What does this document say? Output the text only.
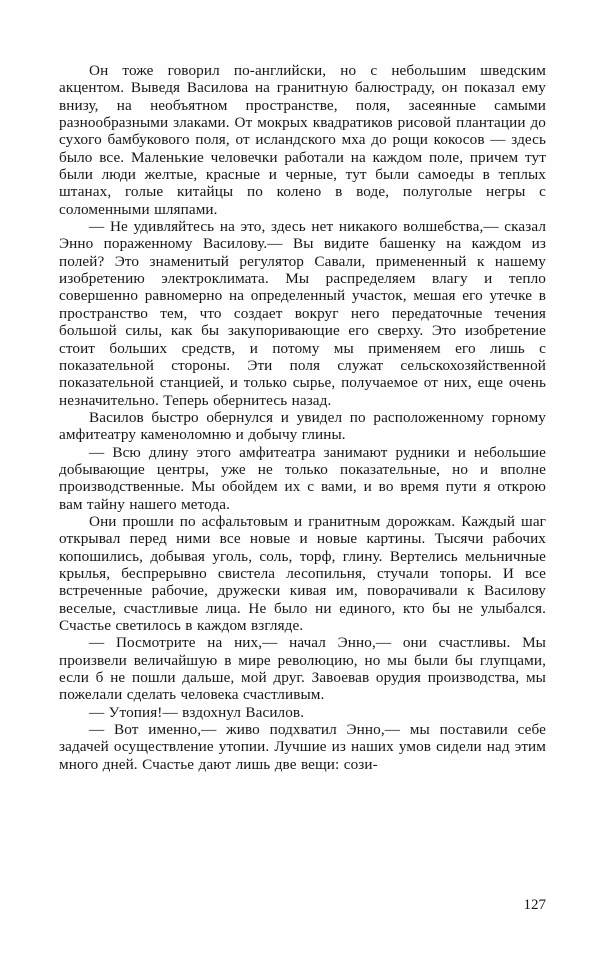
Он тоже говорил по-английски, но с небольшим шведским акцентом. Выведя Василова на гранитную балюстраду, он показал ему внизу, на необъятном пространстве, поля, засеянные самыми разнообразными злаками. От мокрых квадратиков рисовой плантации до сухого бамбукового поля, от исландского мха до рощи кокосов — здесь было все. Маленькие человечки работали на каждом поле, причем тут были люди желтые, красные и черные, тут были самоеды в теплых штанах, голые китайцы по колено в воде, полуголые негры с соломенными шляпами.

— Не удивляйтесь на это, здесь нет никакого волшебства,— сказал Энно пораженному Василову.— Вы видите башенку на каждом из полей? Это знаменитый регулятор Савали, примененный к нашему изобретению электроклимата. Мы распределяем влагу и тепло совершенно равномерно на определенный участок, мешая его утечке в пространство тем, что создает вокруг него передаточные течения большой силы, как бы закупоривающие его сверху. Это изобретение стоит больших средств, и потому мы применяем его лишь с показательной стороны. Эти поля служат сельскохозяйственной показательной станцией, и только сырье, получаемое от них, еще очень незначительно. Теперь обернитесь назад.

Василов быстро обернулся и увидел по расположенному горному амфитеатру каменоломню и добычу глины.

— Всю длину этого амфитеатра занимают рудники и небольшие добывающие центры, уже не только показательные, но и вполне производственные. Мы обойдем их с вами, и во время пути я открою вам тайну нашего метода.

Они прошли по асфальтовым и гранитным дорожкам. Каждый шаг открывал перед ними все новые и новые картины. Тысячи рабочих копошились, добывая уголь, соль, торф, глину. Вертелись мельничные крылья, беспрерывно свистела лесопильня, стучали топоры. И все встреченные рабочие, дружески кивая им, поворачивали к Василову веселые, счастливые лица. Не было ни единого, кто бы не улыбался. Счастье светилось в каждом взгляде.

— Посмотрите на них,— начал Энно,— они счастливы. Мы произвели величайшую в мире революцию, но мы были бы глупцами, если б не пошли дальше, мой друг. Завоевав орудия производства, мы пожелали сделать человека счастливым.

— Утопия!— вздохнул Василов.

— Вот именно,— живо подхватил Энно,— мы поставили себе задачей осуществление утопии. Лучшие из наших умов сидели над этим много дней. Счастье дают лишь две вещи: сози-

127
